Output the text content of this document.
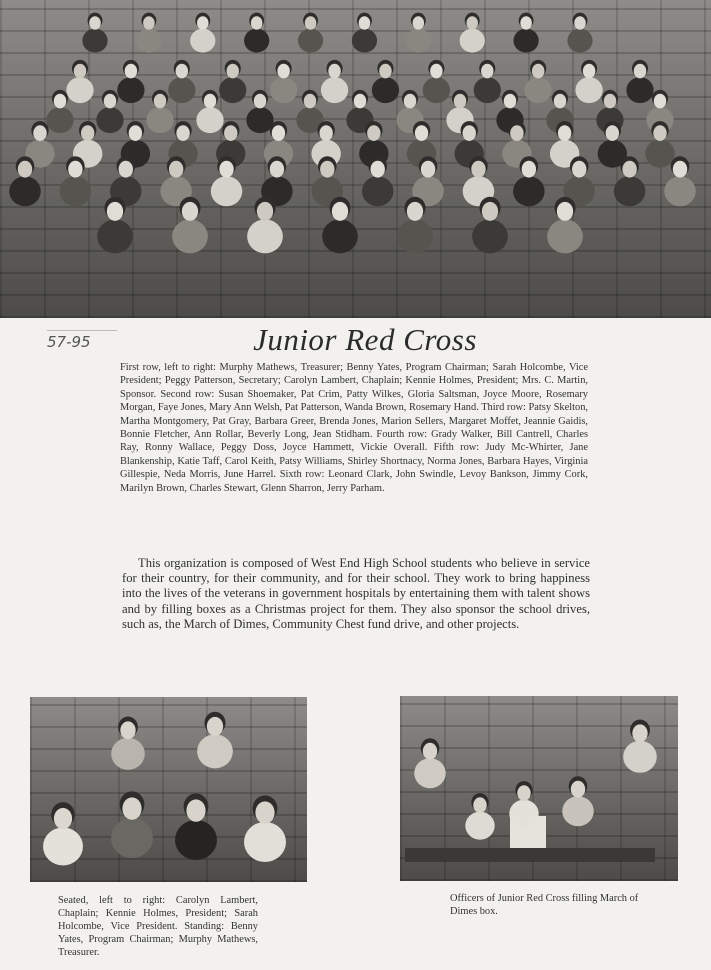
57-95	Junior Red Cross
First row, left to right: Murphy Mathews, Treasurer; Benny Yates, Program Chairman; Sarah Holcombe, Vice President; Peggy Patterson, Secretary; Carolyn Lambert, Chaplain; Kennie Holmes, President; Mrs. C. Martin, Sponsor. Second row: Susan Shoemaker, Pat Crim, Patty Wilkes, Gloria Saltsman, Joyce Moore, Rosemary Morgan, Faye Jones, Mary Ann Welsh, Pat Patterson, Wanda Brown, Rosemary Hand. Third row: Patsy Skelton, Martha Montgomery, Pat Gray, Barbara Greer, Brenda Jones, Marion Sellers, Margaret Moffet, Jeannie Gaidis, Bonnie Fletcher, Ann Rollar, Beverly Long, Jean Stidham. Fourth row: Grady Walker, Bill Cantrell, Charles Ray, Ronny Wallace, Peggy Doss, Joyce Hammett, Vickie Overall. Fifth row: Judy Mc-Whirter, Jane Blankenship, Katie Taff, Carol Keith, Patsy Williams, Shirley Shortnacy, Norma Jones, Barbara Hayes, Virginia Gillespie, Neda Morris, June Harrel. Sixth row: Leonard Clark, John Swindle, Levoy Bankson, Jimmy Cork, Marilyn Brown, Charles Stewart, Glenn Sharron, Jerry Parham.
This organization is composed of West End High School students who believe in service for their country, for their community, and for their school. They work to bring happiness into the lives of the veterans in government hospitals by entertaining them with talent shows and by filling boxes as a Christmas project for them. They also sponsor the school drives, such as, the March of Dimes, Community Chest fund drive, and other projects.
Seated, left to right: Carolyn Lambert, Chaplain; Kennie Holmes, President; Sarah Holcombe, Vice President. Standing: Benny Yates, Program Chairman; Murphy Mathews, Treasurer.
Officers of Junior Red Cross filling March of Dimes box.
